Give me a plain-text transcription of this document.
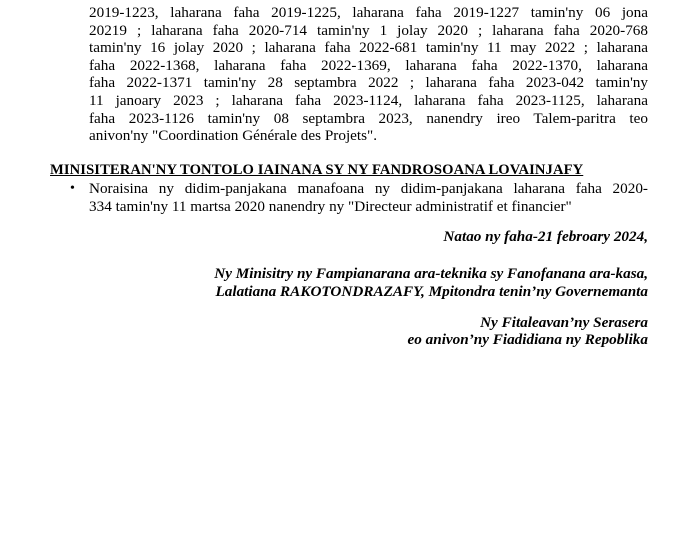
2019-1223, laharana faha 2019-1225, laharana faha 2019-1227 tamin'ny 06 jona
20219 ; laharana faha 2020-714 tamin'ny 1 jolay 2020 ; laharana faha 2020-768
tamin'ny 16 jolay 2020 ; laharana faha 2022-681 tamin'ny 11 may 2022 ; laharana
faha 2022-1368, laharana faha 2022-1369, laharana faha 2022-1370, laharana
faha 2022-1371 tamin'ny 28 septambra 2022 ; laharana faha 2023-042 tamin'ny
11 janoary 2023 ; laharana faha 2023-1124, laharana faha 2023-1125, laharana
faha 2023-1126 tamin'ny 08 septambra 2023, nanendry ireo Talem-paritra teo
anivon'ny "Coordination Générale des Projets".
MINISITERAN'NY TONTOLO IAINANA SY NY FANDROSOANA LOVAINJAFY
• Noraisina ny didim-panjakana manafoana ny didim-panjakana laharana faha 2020-
334 tamin'ny 11 martsa 2020 nanendry ny "Directeur administratif et financier"
Natao ny faha-21 febroary 2024,
Ny Minisitry ny Fampianarana ara-teknika sy Fanofanana ara-kasa,
Lalatiana RAKOTONDRAZAFY, Mpitondra tenin’ny Governemanta
Ny Fitaleavan’ny Serasera
eo anivon’ny Fiadidiana ny Repoblika
